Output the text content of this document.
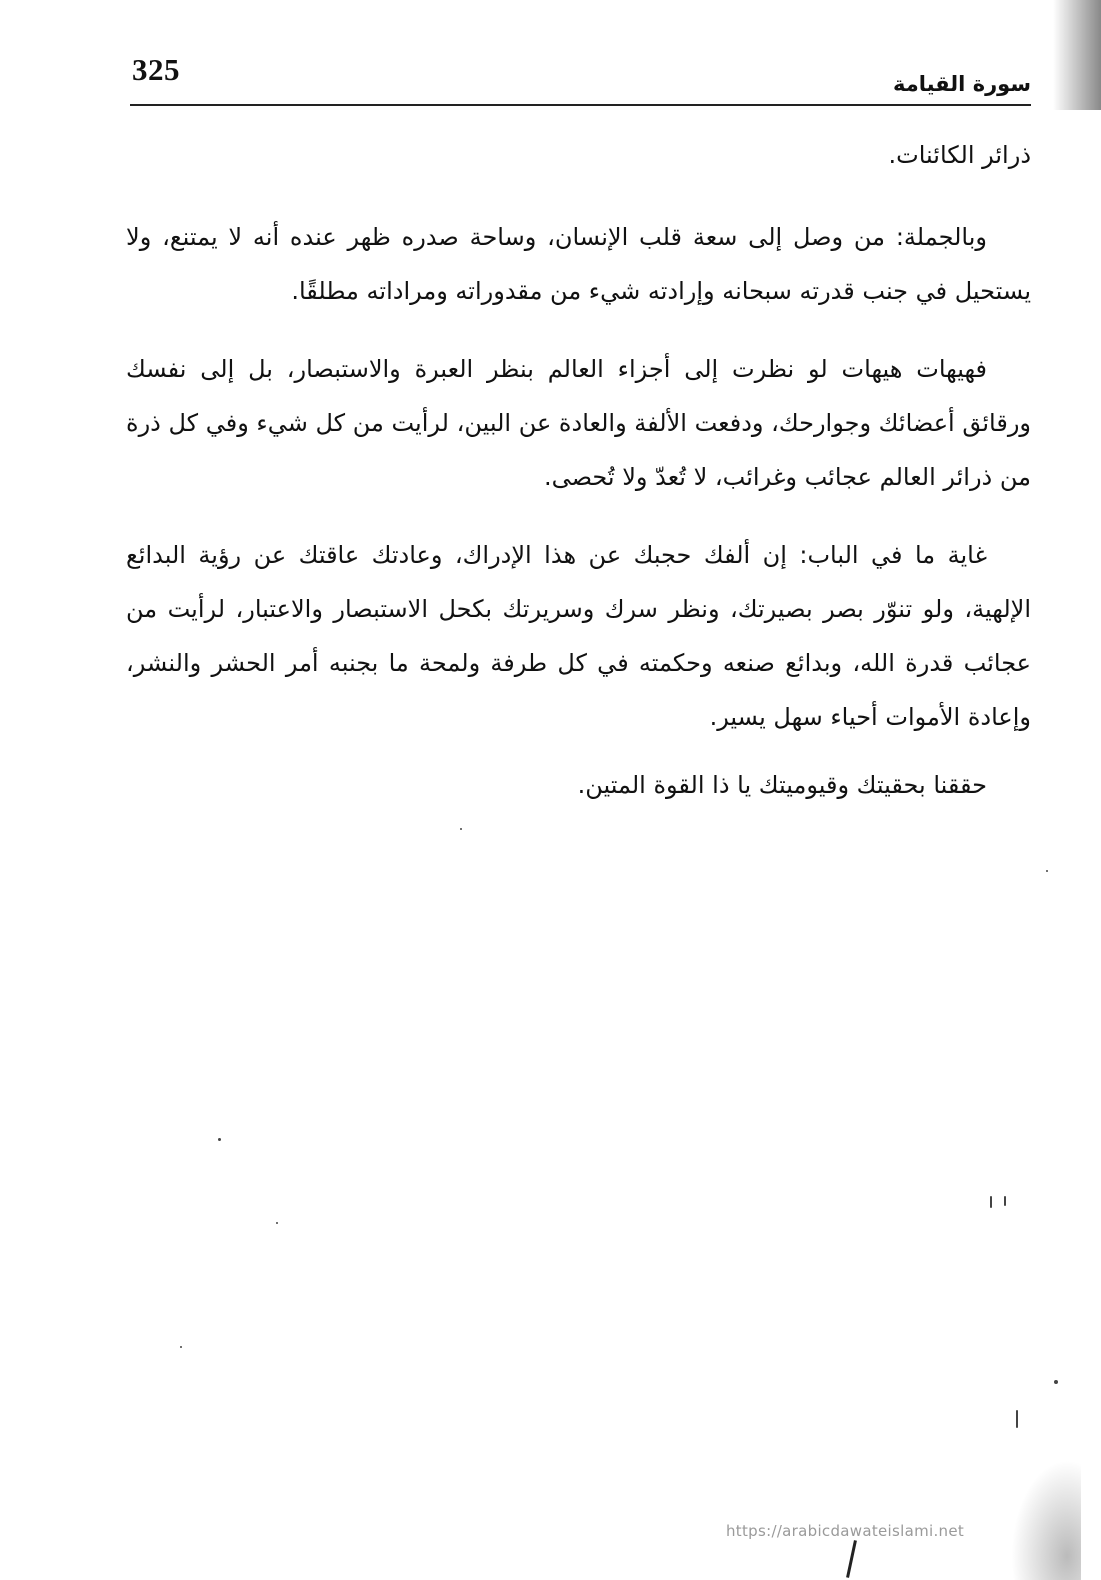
325	سورة القيامة

ذرائر الكائنات.

وبالجملة: من وصل إلى سعة قلب الإنسان، وساحة صدره ظهر عنده أنه لا يمتنع، ولا يستحيل في جنب قدرته سبحانه وإرادته شيء من مقدوراته ومراداته مطلقًا.

فهيهات هيهات لو نظرت إلى أجزاء العالم بنظر العبرة والاستبصار، بل إلى نفسك ورقائق أعضائك وجوارحك، ودفعت الألفة والعادة عن البين، لرأيت من كل شيء وفي كل ذرة من ذرائر العالم عجائب وغرائب، لا تُعدّ ولا تُحصى.

غاية ما في الباب: إن ألفك حجبك عن هذا الإدراك، وعادتك عاقتك عن رؤية البدائع الإلهية، ولو تنوّر بصر بصيرتك، ونظر سرك وسريرتك بكحل الاستبصار والاعتبار، لرأيت من عجائب قدرة الله، وبدائع صنعه وحكمته في كل طرفة ولمحة ما بجنبه أمر الحشر والنشر، وإعادة الأموات أحياء سهل يسير.

حققنا بحقيتك وقيوميتك يا ذا القوة المتين.

https://arabicdawateislami.net
